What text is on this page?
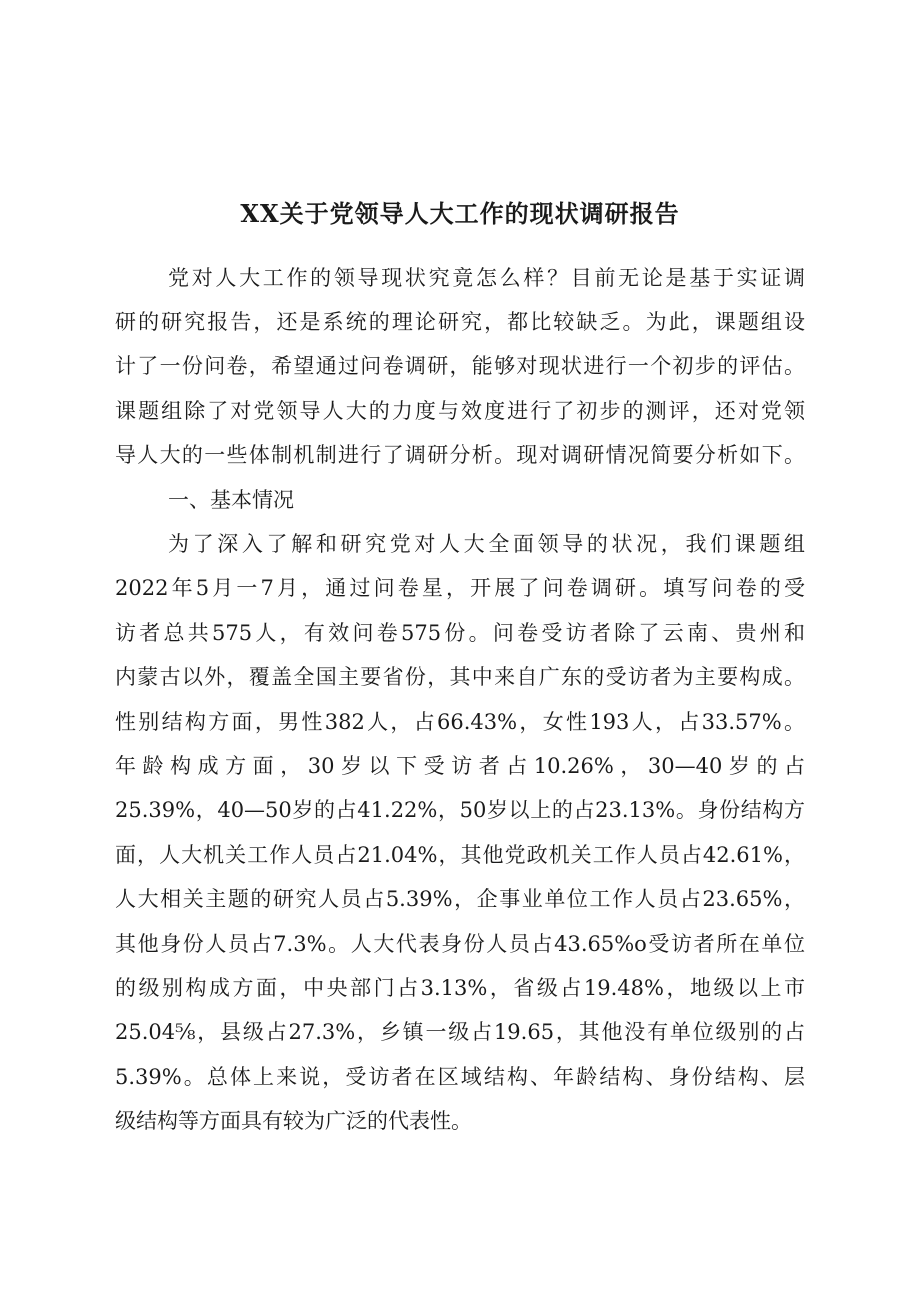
XX关于党领导人大工作的现状调研报告

党对人大工作的领导现状究竟怎么样？目前无论是基于实证调

研的研究报告，还是系统的理论研究，都比较缺乏。为此，课题组设

计了一份问卷，希望通过问卷调研，能够对现状进行一个初步的评估。

课题组除了对党领导人大的力度与效度进行了初步的测评，还对党领

导人大的一些体制机制进行了调研分析。现对调研情况简要分析如下。

一、基本情况

为了深入了解和研究党对人大全面领导的状况，我们课题组

2022年5月一7月，通过问卷星，开展了问卷调研。填写问卷的受

访者总共575人，有效问卷575份。问卷受访者除了云南、贵州和

内蒙古以外，覆盖全国主要省份，其中来自广东的受访者为主要构成。

性别结构方面，男性382人，占66.43%，女性193人，占33.57%。

年龄构成方面，30岁以下受访者占10.26%，30—40岁的占

25.39%，40—50岁的占41.22%，50岁以上的占23.13%。身份结构方

面，人大机关工作人员占21.04%，其他党政机关工作人员占42.61%，

人大相关主题的研究人员占5.39%，企事业单位工作人员占23.65%，

其他身份人员占7.3%。人大代表身份人员占43.65%o受访者所在单位

的级别构成方面，中央部门占3.13%，省级占19.48%，地级以上市

25.04⅝，县级占27.3%，乡镇一级占19.65，其他没有单位级别的占

5.39%。总体上来说，受访者在区域结构、年龄结构、身份结构、层

级结构等方面具有较为广泛的代表性。
